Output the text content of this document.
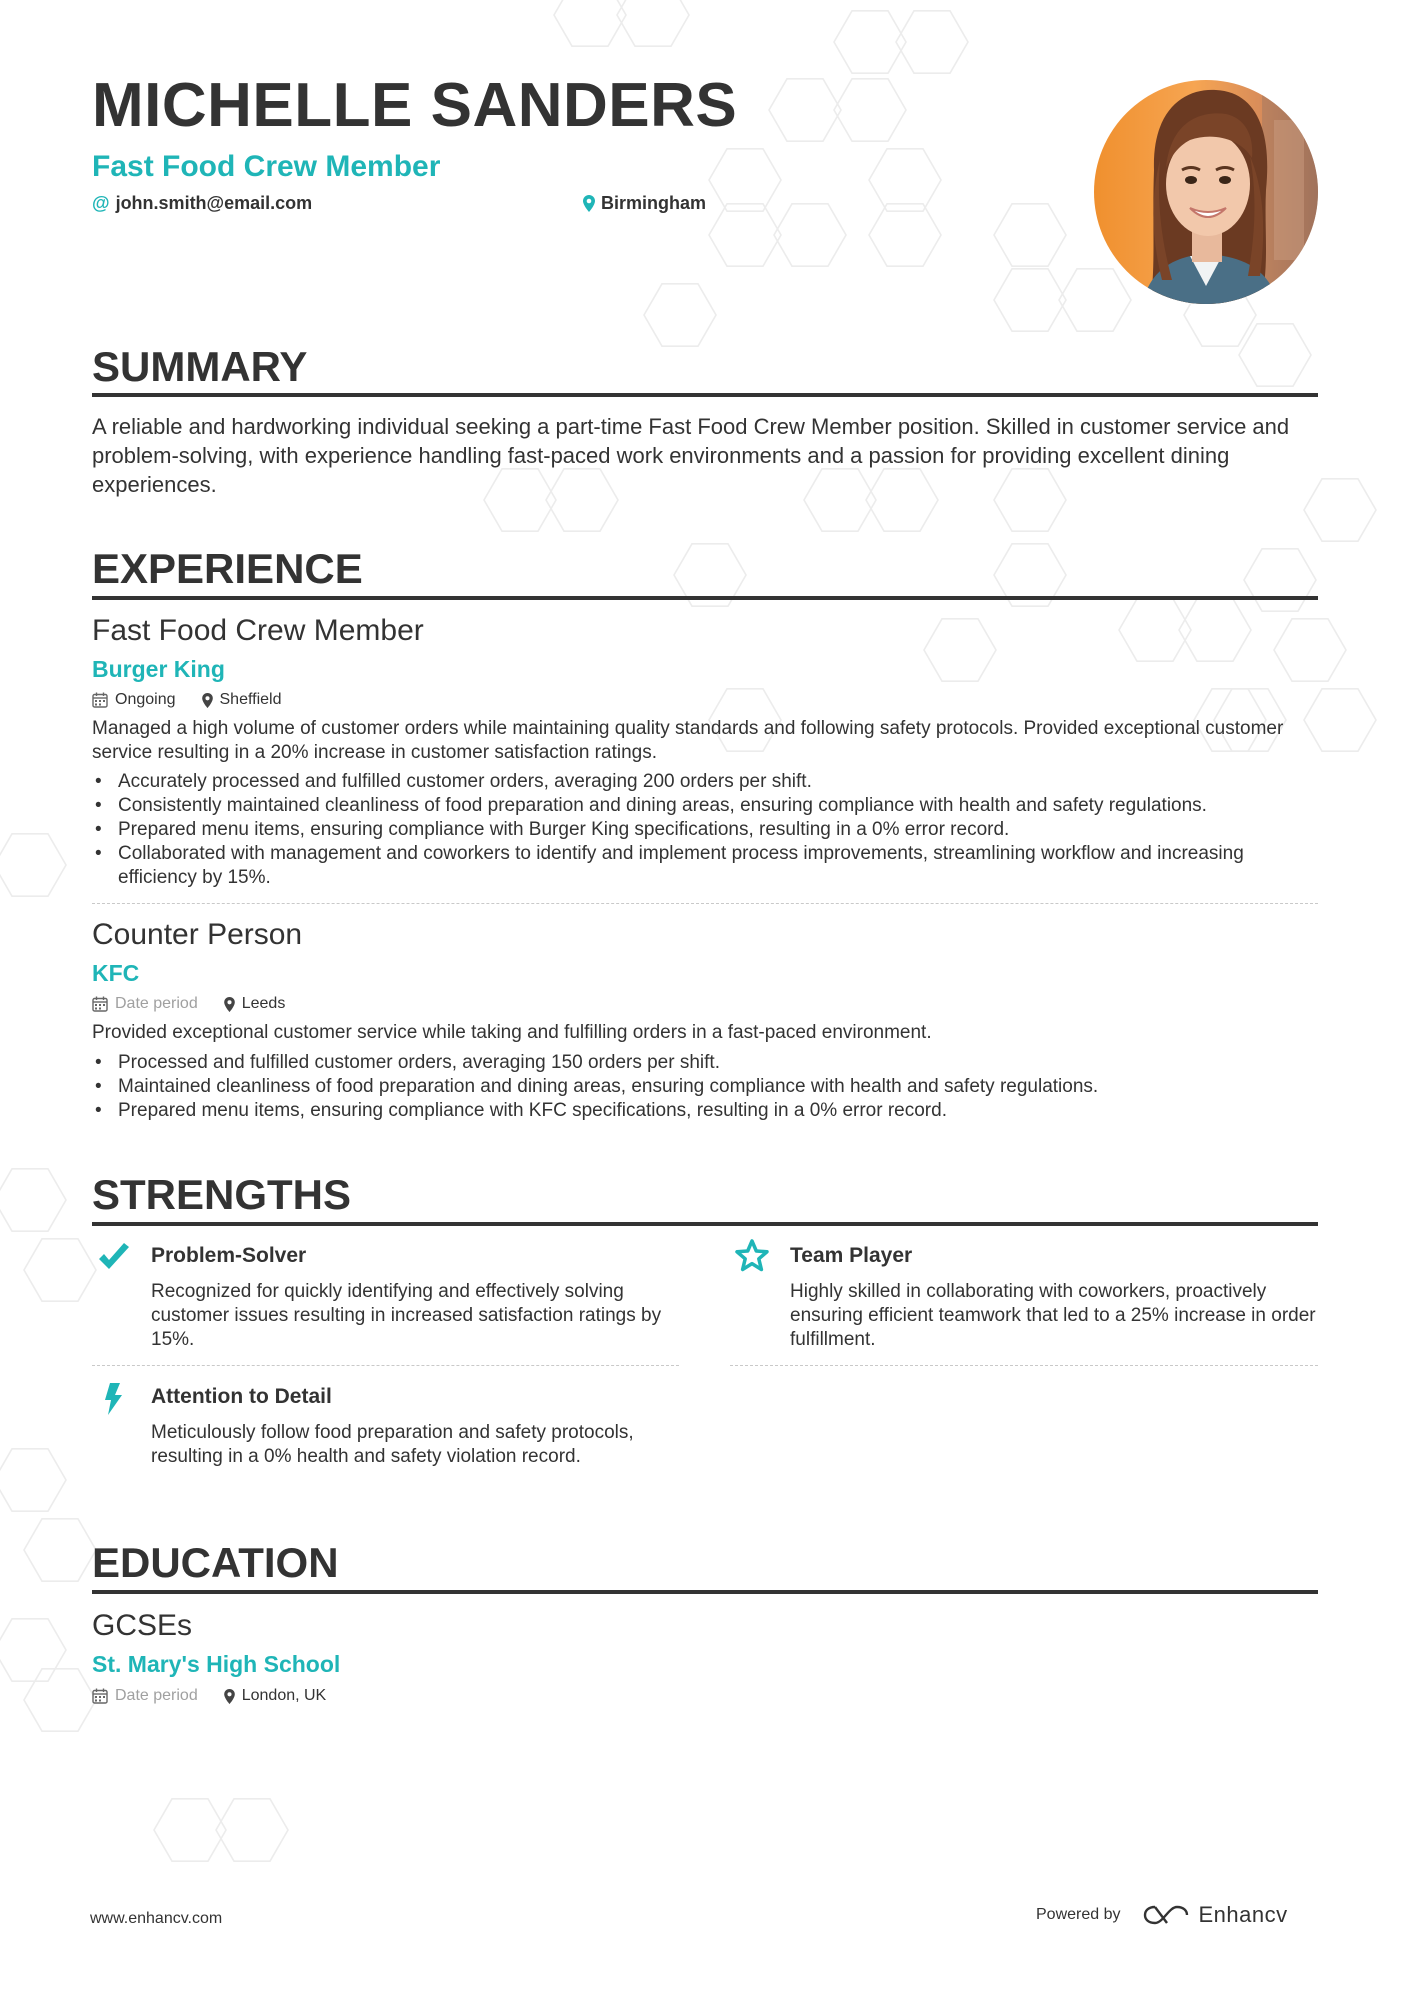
MICHELLE SANDERS
Fast Food Crew Member
@ john.smith@email.com	Birmingham
SUMMARY

A reliable and hardworking individual seeking a part-time Fast Food Crew Member position. Skilled in customer service and problem-solving, with experience handling fast-paced work environments and a passion for providing excellent dining experiences.

EXPERIENCE
Fast Food Crew Member
Burger King
Ongoing	Sheffield

Managed a high volume of customer orders while maintaining quality standards and following safety protocols. Provided exceptional customer service resulting in a 20% increase in customer satisfaction ratings.

• Accurately processed and fulfilled customer orders, averaging 200 orders per shift.
• Consistently maintained cleanliness of food preparation and dining areas, ensuring compliance with health and safety regulations.
• Prepared menu items, ensuring compliance with Burger King specifications, resulting in a 0% error record.
• Collaborated with management and coworkers to identify and implement process improvements, streamlining workflow and increasing efficiency by 15%.
Counter Person
KFC
Date period	Leeds

Provided exceptional customer service while taking and fulfilling orders in a fast-paced environment.

• Processed and fulfilled customer orders, averaging 150 orders per shift.
• Maintained cleanliness of food preparation and dining areas, ensuring compliance with health and safety regulations.
• Prepared menu items, ensuring compliance with KFC specifications, resulting in a 0% error record.
STRENGTHS
Problem-Solver

Recognized for quickly identifying and effectively solving customer issues resulting in increased satisfaction ratings by 15%.

Team Player

Highly skilled in collaborating with coworkers, proactively ensuring efficient teamwork that led to a 25% increase in order fulfillment.

Attention to Detail

Meticulously follow food preparation and safety protocols, resulting in a 0% health and safety violation record.

EDUCATION
GCSEs
St. Mary's High School
Date period	London, UK
www.enhancv.com	Powered by	Enhancv
